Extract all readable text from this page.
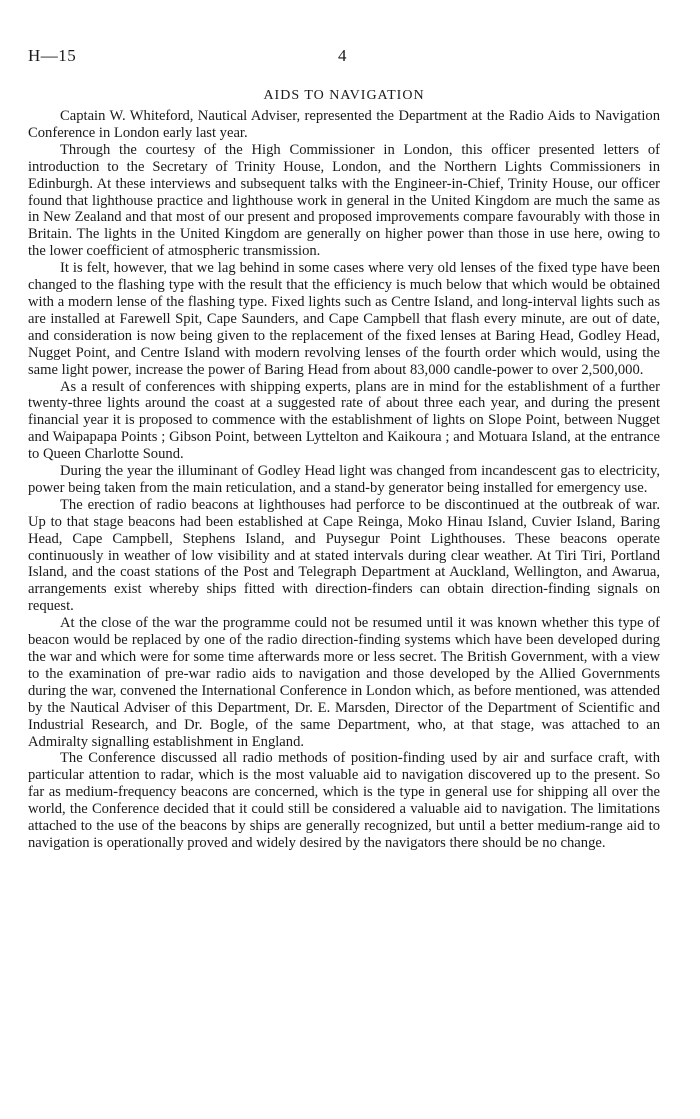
H—15	4
AIDS TO NAVIGATION

Captain W. Whiteford, Nautical Adviser, represented the Department at the Radio Aids to Navigation Conference in London early last year.

Through the courtesy of the High Commissioner in London, this officer presented letters of introduction to the Secretary of Trinity House, London, and the Northern Lights Commissioners in Edinburgh. At these interviews and subsequent talks with the Engineer-in-Chief, Trinity House, our officer found that lighthouse practice and lighthouse work in general in the United Kingdom are much the same as in New Zealand and that most of our present and proposed improvements compare favourably with those in Britain. The lights in the United Kingdom are generally on higher power than those in use here, owing to the lower coefficient of atmospheric transmission.

It is felt, however, that we lag behind in some cases where very old lenses of the fixed type have been changed to the flashing type with the result that the efficiency is much below that which would be obtained with a modern lense of the flashing type. Fixed lights such as Centre Island, and long-interval lights such as are installed at Farewell Spit, Cape Saunders, and Cape Campbell that flash every minute, are out of date, and consideration is now being given to the replacement of the fixed lenses at Baring Head, Godley Head, Nugget Point, and Centre Island with modern revolving lenses of the fourth order which would, using the same light power, increase the power of Baring Head from about 83,000 candle-power to over 2,500,000.

As a result of conferences with shipping experts, plans are in mind for the establishment of a further twenty-three lights around the coast at a suggested rate of about three each year, and during the present financial year it is proposed to commence with the establishment of lights on Slope Point, between Nugget and Waipapapa Points ; Gibson Point, between Lyttelton and Kaikoura ; and Motuara Island, at the entrance to Queen Charlotte Sound.

During the year the illuminant of Godley Head light was changed from incandescent gas to electricity, power being taken from the main reticulation, and a stand-by generator being installed for emergency use.

The erection of radio beacons at lighthouses had perforce to be discontinued at the outbreak of war. Up to that stage beacons had been established at Cape Reinga, Moko Hinau Island, Cuvier Island, Baring Head, Cape Campbell, Stephens Island, and Puysegur Point Lighthouses. These beacons operate continuously in weather of low visibility and at stated intervals during clear weather. At Tiri Tiri, Portland Island, and the coast stations of the Post and Telegraph Department at Auckland, Wellington, and Awarua, arrangements exist whereby ships fitted with direction-finders can obtain direction-finding signals on request.

At the close of the war the programme could not be resumed until it was known whether this type of beacon would be replaced by one of the radio direction-finding systems which have been developed during the war and which were for some time afterwards more or less secret. The British Government, with a view to the examination of pre-war radio aids to navigation and those developed by the Allied Governments during the war, convened the International Conference in London which, as before mentioned, was attended by the Nautical Adviser of this Department, Dr. E. Marsden, Director of the Department of Scientific and Industrial Research, and Dr. Bogle, of the same Department, who, at that stage, was attached to an Admiralty signalling establishment in England.

The Conference discussed all radio methods of position-finding used by air and surface craft, with particular attention to radar, which is the most valuable aid to navigation discovered up to the present. So far as medium-frequency beacons are concerned, which is the type in general use for shipping all over the world, the Conference decided that it could still be considered a valuable aid to navigation. The limitations attached to the use of the beacons by ships are generally recognized, but until a better medium-range aid to navigation is operationally proved and widely desired by the navigators there should be no change.
